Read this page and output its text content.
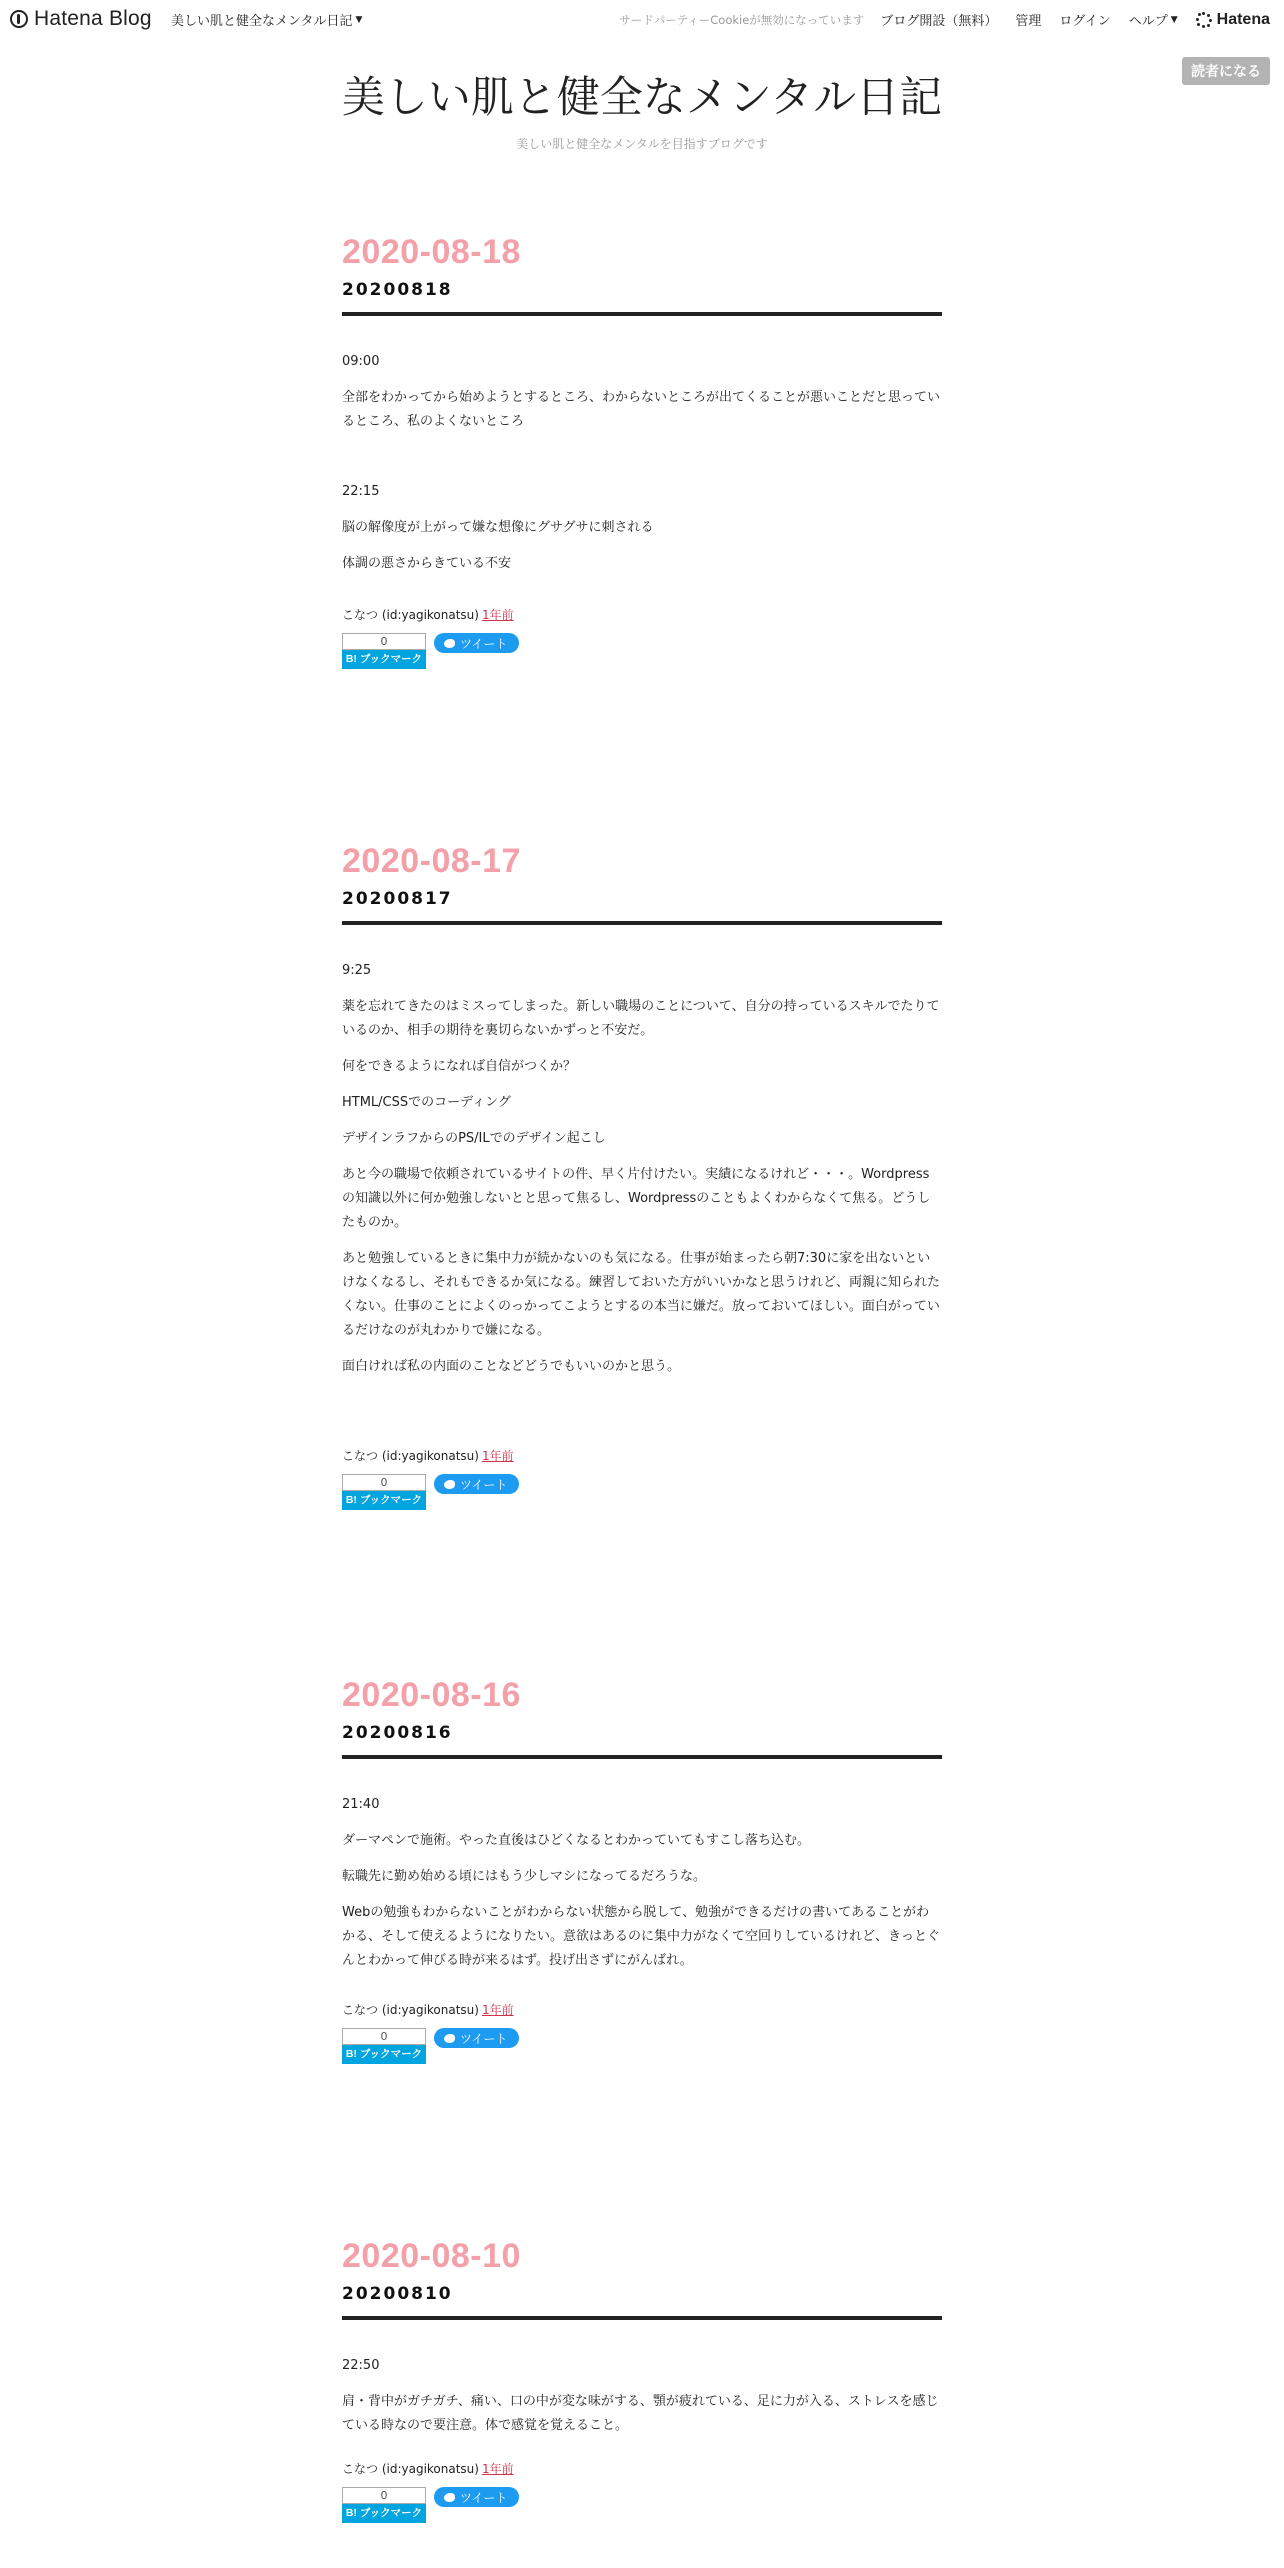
Hatena Blog 美しい肌と健全なメンタル日記 ▼	サードパーティーCookieが無効になっています ブログ開設（無料） 管理 ログイン ヘルプ ▼ Hatena
読者になる
美しい肌と健全なメンタル日記
美しい肌と健全なメンタルを目指すブログです
2020-08-18
20200818

09:00

全部をわかってから始めようとするところ、わからないところが出てくることが悪いことだと思っているところ、私のよくないところ

22:15

脳の解像度が上がって嫌な想像にグサグサに刺される

体調の悪さからきている不安

こなつ (id:yagikonatsu) 1年前
0
B! ブックマーク
ツイート
2020-08-17
20200817

9:25

薬を忘れてきたのはミスってしまった。新しい職場のことについて、自分の持っているスキルでたりているのか、相手の期待を裏切らないかずっと不安だ。

何をできるようになれば自信がつくか？

HTML/CSSでのコーディング

デザインラフからのPS/ILでのデザイン起こし

あと今の職場で依頼されているサイトの件、早く片付けたい。実績になるけれど・・・。Wordpressの知識以外に何か勉強しないとと思って焦るし、Wordpressのこともよくわからなくて焦る。どうしたものか。

あと勉強しているときに集中力が続かないのも気になる。仕事が始まったら朝7:30に家を出ないといけなくなるし、それもできるか気になる。練習しておいた方がいいかなと思うけれど、両親に知られたくない。仕事のことによくのっかってこようとするの本当に嫌だ。放っておいてほしい。面白がっているだけなのが丸わかりで嫌になる。

面白ければ私の内面のことなどどうでもいいのかと思う。

こなつ (id:yagikonatsu) 1年前
0
B! ブックマーク
ツイート
2020-08-16
20200816

21:40

ダーマペンで施術。やった直後はひどくなるとわかっていてもすこし落ち込む。

転職先に勤め始める頃にはもう少しマシになってるだろうな。

Webの勉強もわからないことがわからない状態から脱して、勉強ができるだけの書いてあることがわかる、そして使えるようになりたい。意欲はあるのに集中力がなくて空回りしているけれど、きっとぐんとわかって伸びる時が来るはず。投げ出さずにがんばれ。

こなつ (id:yagikonatsu) 1年前
0
B! ブックマーク
ツイート
2020-08-10
20200810

22:50

肩・背中がガチガチ、痛い、口の中が変な味がする、顎が疲れている、足に力が入る、ストレスを感じている時なので要注意。体で感覚を覚えること。

こなつ (id:yagikonatsu) 1年前
0
B! ブックマーク
ツイート
